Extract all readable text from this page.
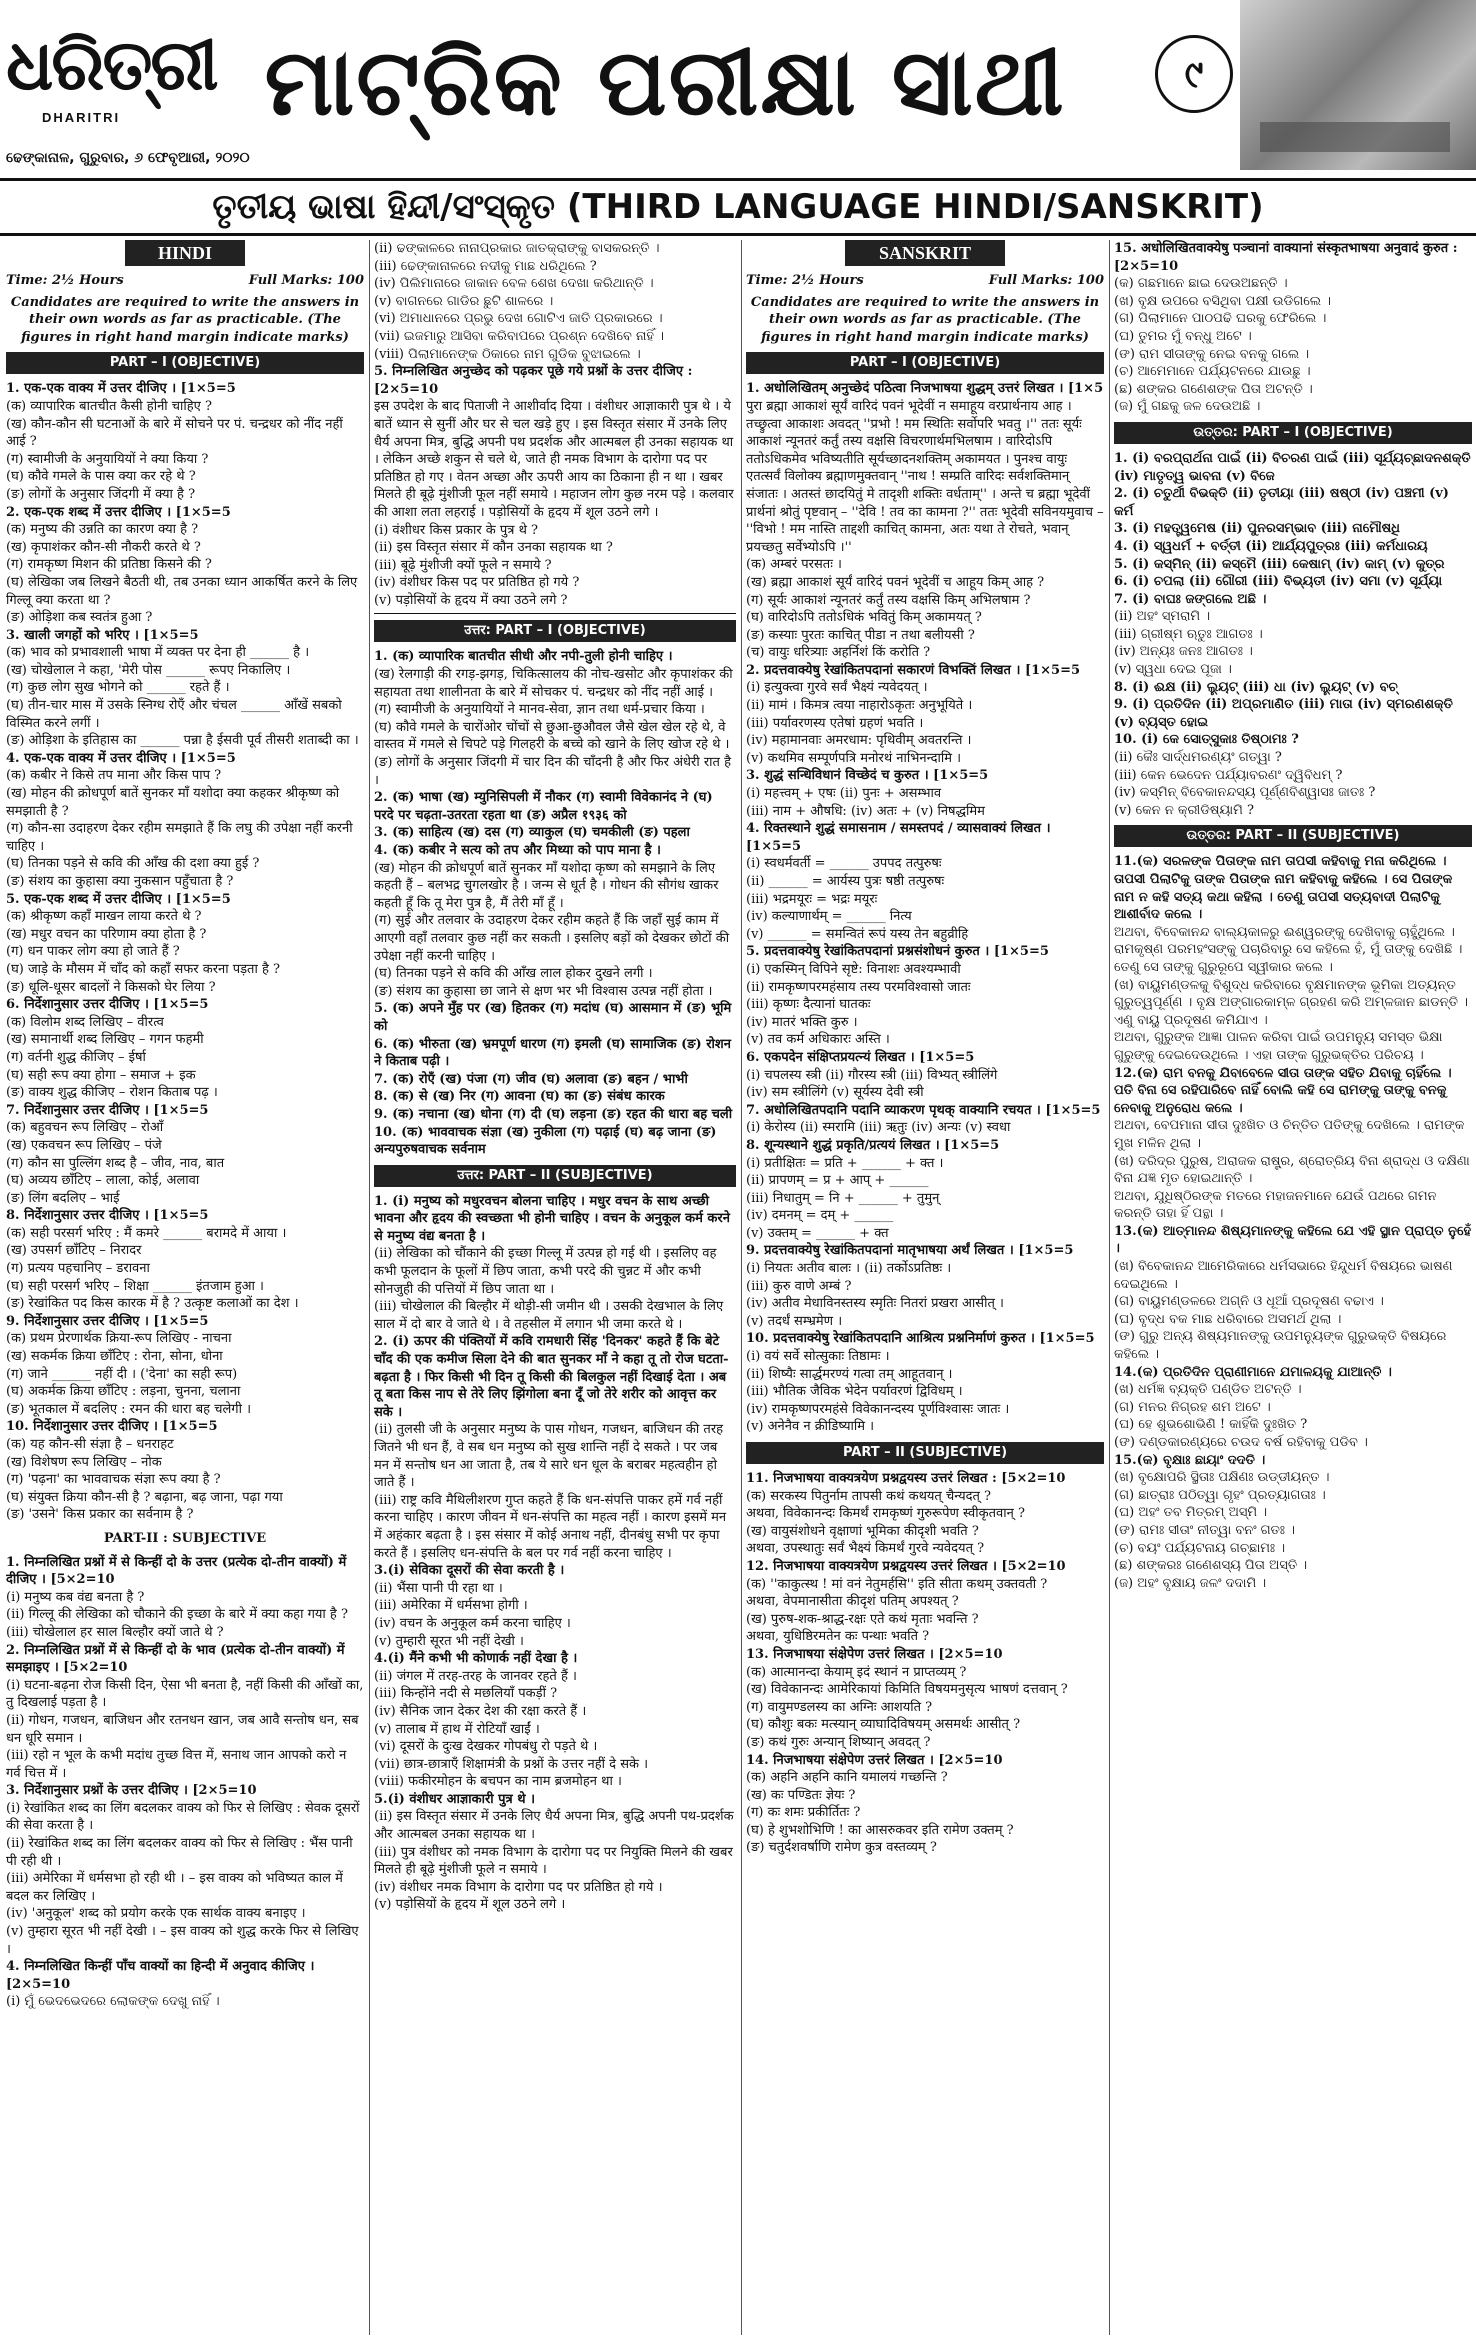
ଧରିତ୍ରୀ
DHARITRI
ଢେଙ୍କାନାଳ, ଗୁରୁବାର, ୬ ଫେବୃଆରୀ, ୨୦୨୦
ମାଟ୍ରିକ ପରୀକ୍ଷା ସାଥୀ	୯
ତୃତୀୟ ଭାଷା ହିନ୍ଦୀ/ସଂସ୍କୃତ (THIRD LANGUAGE HINDI/SANSKRIT)
HINDI
Time: 2½ Hours	Full Marks: 100
Candidates are required to write the answers in their own words as far as practicable. (The figures in right hand margin indicate marks)
PART – I (OBJECTIVE)

1. एक-एक वाक्य में उत्तर दीजिए । [1×5=5

(क) व्यापारिक बातचीत कैसी होनी चाहिए ?

(ख) कौन-कौन सी घटनाओं के बारे में सोचने पर पं. चन्द्रधर को नींद नहीं आई ?

(ग) स्वामीजी के अनुयायियों ने क्या किया ?

(घ) कौवे गमले के पास क्या कर रहे थे ?

(ङ) लोगों के अनुसार जिंदगी में क्या है ?

2. एक-एक शब्द में उत्तर दीजिए । [1×5=5

(क) मनुष्य की उन्नति का कारण क्या है ?

(ख) कृपाशंकर कौन-सी नौकरी करते थे ?

(ग) रामकृष्ण मिशन की प्रतिष्ठा किसने की ?

(घ) लेखिका जब लिखने बैठती थी, तब उनका ध्यान आकर्षित करने के लिए गिल्लू क्या करता था ?

(ङ) ओड़िशा कब स्वतंत्र हुआ ?

3. खाली जगहों को भरिए । [1×5=5

(क) भाव को प्रभावशाली भाषा में व्यक्त पर देना ही ______ है ।

(ख) चोखेलाल ने कहा, 'मेरी पोस ______ रूपए निकालिए ।

(ग) कुछ लोग सुख भोगने को ______ रहते हैं ।

(घ) तीन-चार मास में उसके स्निग्ध रोएँ और चंचल ______ आँखें सबको विस्मित करने लगीं ।

(ङ) ओड़िशा के इतिहास का ______ पन्ना है ईसवी पूर्व तीसरी शताब्दी का ।

4. एक-एक वाक्य में उत्तर दीजिए । [1×5=5

(क) कबीर ने किसे तप माना और किस पाप ?

(ख) मोहन की क्रोधपूर्ण बातें सुनकर माँ यशोदा क्या कहकर श्रीकृष्ण को समझाती है ?

(ग) कौन-सा उदाहरण देकर रहीम समझाते हैं कि लघु की उपेक्षा नहीं करनी चाहिए ।

(घ) तिनका पड़ने से कवि की आँख की दशा क्या हुई ?

(ङ) संशय का कुहासा क्या नुकसान पहुँचाता है ?

5. एक-एक शब्द में उत्तर दीजिए । [1×5=5

(क) श्रीकृष्ण कहाँ माखन लाया करते थे ?

(ख) मधुर वचन का परिणाम क्या होता है ?

(ग) धन पाकर लोग क्या हो जाते हैं ?

(घ) जाड़े के मौसम में चाँद को कहाँ सफर करना पड़ता है ?

(ङ) धूलि-धूसर बादलों ने किसको घेर लिया ?

6. निर्देशानुसार उत्तर दीजिए । [1×5=5

(क) विलोम शब्द लिखिए – वीरत्व

(ख) समानार्थी शब्द लिखिए – गगन फहमी

(ग) वर्तनी शुद्ध कीजिए – ईर्षा

(घ) सही रूप क्या होगा – समाज + इक

(ङ) वाक्य शुद्ध कीजिए – रोशन किताब पढ़ ।

7. निर्देशानुसार उत्तर दीजिए । [1×5=5

(क) बहुवचन रूप लिखिए – रोआँ

(ख) एकवचन रूप लिखिए – पंजे

(ग) कौन सा पुल्लिंग शब्द है – जीव, नाव, बात

(घ) अव्यय छाँटिए – लाला, कोई, अलावा

(ङ) लिंग बदलिए – भाई

8. निर्देशानुसार उत्तर दीजिए । [1×5=5

(क) सही परसर्ग भरिए : मैं कमरे ______ बरामदे में आया ।

(ख) उपसर्ग छाँटिए – निरादर

(ग) प्रत्यय पहचानिए – डरावना

(घ) सही परसर्ग भरिए – शिक्षा ______ इंतजाम हुआ ।

(ङ) रेखांकित पद किस कारक में है ? उत्कृष्ट कलाओं का देश ।

9. निर्देशानुसार उत्तर दीजिए । [1×5=5

(क) प्रथम प्रेरणार्थक क्रिया-रूप लिखिए - नाचना

(ख) सकर्मक क्रिया छाँटिए : रोना, सोना, धोना

(ग) जाने ______ नहीं दी । ('देना' का सही रूप)

(घ) अकर्मक क्रिया छाँटिए : लड़ना, चुनना, चलाना

(ङ) भूतकाल में बदलिए : रमन की धारा बह चलेगी ।

10. निर्देशानुसार उत्तर दीजिए । [1×5=5

(क) यह कौन-सी संज्ञा है – धनराहट

(ख) विशेषण रूप लिखिए – नोक

(ग) 'पढ़ना' का भाववाचक संज्ञा रूप क्या है ?

(घ) संयुक्त क्रिया कौन-सी है ? बढ़ाना, बढ़ जाना, पढ़ा गया

(ङ) 'उसने' किस प्रकार का सर्वनाम है ?

PART-II : SUBJECTIVE

1. निम्नलिखित प्रश्नों में से किन्हीं दो के उत्तर (प्रत्येक दो-तीन वाक्यों) में दीजिए । [5×2=10

(i) मनुष्य कब वंद्य बनता है ?

(ii) गिल्लू की लेखिका को चौकाने की इच्छा के बारे में क्या कहा गया है ?

(iii) चोखेलाल हर साल बिल्हौर क्यों जाते थे ?

2. निम्नलिखित प्रश्नों में से किन्हीं दो के भाव (प्रत्येक दो-तीन वाक्यों) में समझाइए । [5×2=10

(i) घटना-बढ़ना रोज किसी दिन, ऐसा भी बनता है, नहीं किसी की आँखों का, तु दिखलाई पड़ता है ।

(ii) गोधन, गजधन, बाजिधन और रतनधन खान, जब आवै सन्तोष धन, सब धन धूरि समान ।

(iii) रहो न भूल के कभी मदांध तुच्छ वित्त में, सनाथ जान आपको करो न गर्व चित्त में ।

3. निर्देशानुसार प्रश्नों के उत्तर दीजिए । [2×5=10

(i) रेखांकित शब्द का लिंग बदलकर वाक्य को फिर से लिखिए : सेवक दूसरों की सेवा करता है ।

(ii) रेखांकित शब्द का लिंग बदलकर वाक्य को फिर से लिखिए : भैंस पानी पी रही थी ।

(iii) अमेरिका में धर्मसभा हो रही थी । – इस वाक्य को भविष्यत काल में बदल कर लिखिए ।

(iv) 'अनुकूल' शब्द को प्रयोग करके एक सार्थक वाक्य बनाइए ।

(v) तुम्हारा सूरत भी नहीं देखी । – इस वाक्य को शुद्ध करके फिर से लिखिए ।

4. निम्नलिखित किन्हीं पाँच वाक्यों का हिन्दी में अनुवाद कीजिए । [2×5=10

(i) ମୁଁ ଭେଦଭେଦରେ ଲୋକଙ୍କ ଦେଖୁ ନାହିଁ ।

(ii) ଢଙ୍କାଳରେ ନାନାପ୍ରକାର ଜାତକ୍ରାଙ୍କୁ ବାସକରନ୍ତି ।

(iii) ଢେଙ୍କାନାଳରେ ନଦୀକୁ ମାଛ ଧରିଥିଲେ ?

(iv) ପିଲିମାନାରେ ଜାକାନ ବେଳ ଶେଖ ଦେଖା କରିଥାନ୍ତି ।

(v) ବାଗନରେ ଗାଡିର ଛୁଟି ଶାଳରେ ।

(vi) ଅମାଧାନରେ ପ୍ରଭୁ ଦେଖ ଗୋଟିଏ ଜାତି ପ୍ରକାରରେ ।

(vii) ଇଜମାରୁ ଆସିବା କରିବାପରେ ପ୍ରଶ୍ନ ଦେଖିବେ ନାହିଁ ।

(viii) ପିଲାମାନେଙ୍କ ଠିକାରେ ନାମ ଗୁଡିକ ବୁଝାଇଲେ ।

5. निम्नलिखित अनुच्छेद को पढ़कर पूछे गये प्रश्नों के उत्तर दीजिए : [2×5=10

इस उपदेश के बाद पिताजी ने आशीर्वाद दिया । वंशीधर आज्ञाकारी पुत्र थे । ये बातें ध्यान से सुनीं और घर से चल खड़े हुए । इस विस्तृत संसार में उनके लिए धैर्य अपना मित्र, बुद्धि अपनी पथ प्रदर्शक और आत्मबल ही उनका सहायक था । लेकिन अच्छे शकुन से चले थे, जाते ही नमक विभाग के दारोगा पद पर प्रतिष्ठित हो गए । वेतन अच्छा और ऊपरी आय का ठिकाना ही न था । खबर मिलते ही बूढ़े मुंशीजी फूल नहीं समाये । महाजन लोग कुछ नरम पड़े । कलवार की आशा लता लहराई । पड़ोसियों के हृदय में शूल उठने लगे ।

(i) वंशीधर किस प्रकार के पुत्र थे ?

(ii) इस विस्तृत संसार में कौन उनका सहायक था ?

(iii) बूढ़े मुंशीजी क्यों फूले न समाये ?

(iv) वंशीधर किस पद पर प्रतिष्ठित हो गये ?

(v) पड़ोसियों के हृदय में क्या उठने लगे ?

उत्तर: PART – I (OBJECTIVE)

1. (क) व्यापारिक बातचीत सीधी और नपी-तुली होनी चाहिए ।

(ख) रेलगाड़ी की रगड़-झगड़, चिकित्सालय की नोच-खसोट और कृपाशंकर की सहायता तथा शालीनता के बारे में सोचकर पं. चन्द्रधर को नींद नहीं आई ।

(ग) स्वामीजी के अनुयायियों ने मानव-सेवा, ज्ञान तथा धर्म-प्रचार किया ।

(घ) कौवे गमले के चारोंओर चोंचों से छुआ-छुऔवल जैसे खेल खेल रहे थे, वे वास्तव में गमले से चिपटे पड़े गिलहरी के बच्चे को खाने के लिए खोज रहे थे ।

(ङ) लोगों के अनुसार जिंदगी में चार दिन की चाँदनी है और फिर अंधेरी रात है ।

2. (क) भाषा (ख) म्युनिसिपली में नौकर (ग) स्वामी विवेकानंद ने (घ) परदे पर चढ़ता-उतरता रहता था (ङ) अप्रैल १९३६ को

3. (क) साहित्य (ख) दस (ग) व्याकुल (घ) चमकीली (ङ) पहला

4. (क) कबीर ने सत्य को तप और मिथ्या को पाप माना है ।

(ख) मोहन की क्रोधपूर्ण बातें सुनकर माँ यशोदा कृष्ण को समझाने के लिए कहती हैं – बलभद्र चुगलखोर है । जन्म से धूर्त है । गोधन की सौगंध खाकर कहती हूँ कि तू मेरा पुत्र है, मैं तेरी माँ हूँ ।

(ग) सुई और तलवार के उदाहरण देकर रहीम कहते हैं कि जहाँ सुई काम में आएगी वहाँ तलवार कुछ नहीं कर सकती । इसलिए बड़ों को देखकर छोटों की उपेक्षा नहीं करनी चाहिए ।

(घ) तिनका पड़ने से कवि की आँख लाल होकर दुखने लगी ।

(ङ) संशय का कुहासा छा जाने से क्षण भर भी विश्वास उत्पन्न नहीं होता ।

5. (क) अपने मुँह पर (ख) हितकर (ग) मदांध (घ) आसमान में (ङ) भूमि को

6. (क) भीरुता (ख) भ्रमपूर्ण धारण (ग) इमली (घ) सामाजिक (ङ) रोशन ने किताब पढ़ी ।

7. (क) रोएँ (ख) पंजा (ग) जीव (घ) अलावा (ङ) बहन / भाभी

8. (क) से (ख) निर (ग) आवना (घ) का (ङ) संबंध कारक

9. (क) नचाना (ख) धोना (ग) दी (घ) लड़ना (ङ) रहत की धारा बह चली

10. (क) भाववाचक संज्ञा (ख) नुकीला (ग) पढ़ाई (घ) बढ़ जाना (ङ) अन्यपुरुषवाचक सर्वनाम

उत्तर: PART – II (SUBJECTIVE)

1. (i) मनुष्य को मधुरवचन बोलना चाहिए । मधुर वचन के साथ अच्छी भावना और हृदय की स्वच्छता भी होनी चाहिए । वचन के अनुकूल कर्म करने से मनुष्य वंद्य बनता है ।

(ii) लेखिका को चौंकाने की इच्छा गिल्लू में उत्पन्न हो गई थी । इसलिए वह कभी फूलदान के फूलों में छिप जाता, कभी परदे की चुन्नट में और कभी सोनजुही की पत्तियों में छिप जाता था ।

(iii) चोखेलाल की बिल्हौर में थोड़ी-सी जमीन थी । उसकी देखभाल के लिए साल में दो बार वे जाते थे । वे तहसील में लगान भी जमा करते थे ।

2. (i) ऊपर की पंक्तियों में कवि रामधारी सिंह 'दिनकर' कहते हैं कि बेटे चाँद की एक कमीज सिला देने की बात सुनकर माँ ने कहा तू तो रोज घटता-बढ़ता है । फिर किसी भी दिन तू किसी की बिलकुल नहीं दिखाई देता । अब तू बता किस नाप से तेरे लिए झिंगोला बना दूँ जो तेरे शरीर को आवृत्त कर सके ।

(ii) तुलसी जी के अनुसार मनुष्य के पास गोधन, गजधन, बाजिधन की तरह जितने भी धन हैं, वे सब धन मनुष्य को सुख शान्ति नहीं दे सकते । पर जब मन में सन्तोष धन आ जाता है, तब ये सारे धन धूल के बराबर महत्वहीन हो जाते हैं ।

(iii) राष्ट्र कवि मैथिलीशरण गुप्त कहते हैं कि धन-संपत्ति पाकर हमें गर्व नहीं करना चाहिए । कारण जीवन में धन-संपत्ति का महत्व नहीं । कारण इसमें मन में अहंकार बढ़ता है । इस संसार में कोई अनाथ नहीं, दीनबंधु सभी पर कृपा करते हैं । इसलिए धन-संपत्ति के बल पर गर्व नहीं करना चाहिए ।

3.(i) सेविका दूसरों की सेवा करती है ।

(ii) भैंसा पानी पी रहा था ।

(iii) अमेरिका में धर्मसभा होगी ।

(iv) वचन के अनुकूल कर्म करना चाहिए ।

(v) तुम्हारी सूरत भी नहीं देखी ।

4.(i) मैंने कभी भी कोणार्क नहीं देखा है ।

(ii) जंगल में तरह-तरह के जानवर रहते हैं ।

(iii) किन्होंने नदी से मछलियाँ पकड़ीं ?

(iv) सैनिक जान देकर देश की रक्षा करते हैं ।

(v) तालाब में हाथ में रोटियाँ खाईं ।

(vi) दूसरों के दुःख देखकर गोपबंधु रो पड़ते थे ।

(vii) छात्र-छात्राएँ शिक्षामंत्री के प्रश्नों के उत्तर नहीं दे सके ।

(viii) फकीरमोहन के बचपन का नाम ब्रजमोहन था ।

5.(i) वंशीधर आज्ञाकारी पुत्र थे ।

(ii) इस विस्तृत संसार में उनके लिए धैर्य अपना मित्र, बुद्धि अपनी पथ-प्रदर्शक और आत्मबल उनका सहायक था ।

(iii) पुत्र वंशीधर को नमक विभाग के दारोगा पद पर नियुक्ति मिलने की खबर मिलते ही बूढ़े मुंशीजी फूले न समाये ।

(iv) वंशीधर नमक विभाग के दारोगा पद पर प्रतिष्ठित हो गये ।

(v) पड़ोसियों के हृदय में शूल उठने लगे ।

SANSKRIT
Time: 2½ Hours	Full Marks: 100
Candidates are required to write the answers in their own words as far as practicable. (The figures in right hand margin indicate marks)
PART – I (OBJECTIVE)

1. अधोलिखितम् अनुच्छेदं पठित्वा निजभाषया शुद्धम् उत्तरं लिखत । [1×5

पुरा ब्रह्मा आकाशं सूर्यं वारिदं पवनं भूदेवीं न समाहूय वरप्रार्थनाय आह । तच्छ्रुत्वा आकाशः अवदत् ''प्रभो ! मम स्थितिः सर्वोपरि भवतु ।'' ततः सूर्यः आकाशं न्यूनतरं कर्तुं तस्य वक्षसि विचरणार्थमभिलषाम । वारिदोऽपि ततोऽधिकमेव भविष्यतीति सूर्यच्छादनशक्तिम् अकामयत । पुनश्च वायुः एतत्सर्वं विलोक्य ब्रह्माणमुक्तवान् ''नाथ ! सम्प्रति वारिदः सर्वशक्तिमान् संजातः । अतस्तं छादयितुं मे तादृशी शक्तिः वर्धताम्'' । अन्ते च ब्रह्मा भूदेवीं प्रार्थनां श्रोतुं पृष्टवान् – ''देवि ! तव का कामना ?'' ततः भूदेवी सविनयमुवाच – ''विभो ! मम नास्ति ताद्दशी काचित् कामना, अतः यथा ते रोचते, भवान् प्रयच्छतु सर्वेभ्योऽपि ।''

(क) अम्बरं परसतः ।

(ख) ब्रह्मा आकाशं सूर्यं वारिदं पवनं भूदेवीं च आहूय किम् आह ?

(ग) सूर्यः आकाशं न्यूनतरं कर्तुं तस्य वक्षसि किम् अभिलषाम ?

(घ) वारिदोऽपि ततोऽधिकं भवितुं किम् अकामयत् ?

(ङ) कस्याः पुरतः काचित् पीडा न तथा बलीयसी ?

(च) वायुः धरित्र्याः अहर्निशं किं करोति ?

2. प्रदत्तवाक्येषु रेखांकितपदानां सकारणं विभक्तिं लिखत । [1×5=5

(i) इत्युक्त्वा गुरवे सर्वं भैक्ष्यं न्यवेदयत् ।

(ii) मामं । किमत्र त्वया नाहारोऽकृतः अनुभूयिते ।

(iii) पर्यावरणस्य एतेषां ग्रहणं भवति ।

(iv) महामानवाः अमरधाम: पृथिवीम् अवतरन्ति ।

(v) कथमिव सम्पूर्णपत्रि मनोरथं नाभिनन्दामि ।

3. शुद्धं सन्धिविधानं विच्छेदं च कुरुत । [1×5=5

(i) महत्त्वम् + एषः (ii) पुनः + असम्भाव

(iii) नाम + औषधि: (iv) अतः + (v) निषद्धमिम

4. रिक्तस्थाने शुद्धं समासनाम / समस्तपदं / व्यासवाक्यं लिखत । [1×5=5

(i) स्वधर्मवर्ती = ______ उपपद तत्पुरुषः

(ii) ______ = आर्यस्य पुत्रः षष्ठी तत्पुरुषः

(iii) भद्रमयूरः = भद्रः मयूरः

(iv) कल्याणार्थम् = ______ नित्य

(v) ______ = समन्वितं रूपं यस्य तेन बहुव्रीहि

5. प्रदत्तवाक्येषु रेखांकितपदानां प्रश्नसंशोधनं कुरुत । [1×5=5

(i) एकस्मिन् विपिने सृष्टे: विनाशः अवश्यम्भावी

(ii) रामकृष्णपरमहंसाय तस्य परमविश्वासो जातः

(iii) कृष्णः दैत्यानां घातकः

(iv) मातरं भक्ति कुरु ।

(v) तव कर्म अधिकारः अस्ति ।

6. एकपदेन संक्षिप्तप्रयत्न्यं लिखत । [1×5=5

(i) चपलस्य स्त्री (ii) गौरस्य स्त्री (iii) विभ्यत् स्त्रीलिंगे

(iv) सम स्त्रीलिंगे (v) सूर्यस्य देवी स्त्री

7. अधोलिखितपदानि पदानि व्याकरण पृथक् वाक्यानि रचयत । [1×5=5

(i) केरोस्य (ii) स्मरामि (iii) ऋतुः (iv) अन्यः (v) स्वधा

8. शून्यस्थाने शुद्धं प्रकृति/प्रत्ययं लिखत । [1×5=5

(i) प्रतीक्षितः = प्रति + ______ + क्त ।

(ii) प्रापणम् = प्र + आप् + ______

(iii) निधातुम् = नि + ______ + तुमुन्

(iv) दमनम् = दम् + ______

(v) उक्तम् = ______ + क्त

9. प्रदत्तवाक्येषु रेखांकितपदानां मातृभाषया अर्थं लिखत । [1×5=5

(i) नियतः अतीव बालः । (ii) तर्कोऽप्रतिष्ठः ।

(iii) कुरु वाणे अम्बं ?

(iv) अतीव मेधाविनस्तस्य स्मृतिः नितरां प्रखरा आसीत् ।

(v) तदर्धं सम्भ्रमेण ।

10. प्रदत्तवाक्येषु रेखांकितपदानि आश्रित्य प्रश्ननिर्माणं कुरुत । [1×5=5

(i) वयं सर्वे सोत्सुकाः तिष्ठामः ।

(ii) शिष्यैः सार्द्धमरण्यं गत्वा तम् आहूतवान् ।

(iii) भौतिक जैविक भेदेन पर्यावरणं द्विविधम् ।

(iv) रामकृष्णपरमहंसे विवेकानन्दस्य पूर्णविश्वासः जातः ।

(v) अनेनैव न क्रीडिष्यामि ।

PART – II (SUBJECTIVE)

11. निजभाषया वाक्यत्रयेण प्रश्नद्वयस्य उत्तरं लिखत : [5×2=10

(क) सरकस्य पितुर्नाम तापसी कथं कथयत् चैन्यदत् ?

अथवा, विवेकानन्दः किमर्थं रामकृष्णं गुरुरूपेण स्वीकृतवान् ?

(ख) वायुसंशोधने वृक्षाणां भूमिका कीदृशी भवति ?

अथवा, उपस्थातुः सर्वं भैक्ष्यं किमर्थं गुरवे न्यवेदयत् ?

12. निजभाषया वाक्यत्रयेण प्रश्नद्वयस्य उत्तरं लिखत । [5×2=10

(क) ''काकुत्स्थ ! मां वनं नेतुमर्हसि'' इति सीता कथम् उक्तवती ?

अथवा, वेपमानासीता कीदृशं पतिम् अपश्यत् ?

(ख) पुरुष-शक-श्राद्ध-रक्षः एते कथं मृताः भवन्ति ?

अथवा, युधिष्ठिरमतेन कः पन्थाः भवति ?

13. निजभाषया संक्षेपेण उत्तरं लिखत । [2×5=10

(क) आत्मानन्दा केयाम् इदं स्थानं न प्राप्तव्यम् ?

(ख) विवेकानन्दः आमेरिकायां किमिति विषयमनुसृत्य भाषणं दत्तवान् ?

(ग) वायुमण्डलस्य का अग्निः आशयति ?

(घ) कौशुः बकः मत्स्यान् व्याघादिविषयम् असमर्थः आसीत् ?

(ङ) कथं गुरुः अन्यान् शिष्यान् अवदत् ?

14. निजभाषया संक्षेपेण उत्तरं लिखत । [2×5=10

(क) अहनि अहनि कानि यमालयं गच्छन्ति ?

(ख) कः पण्डितः ज्ञेयः ?

(ग) कः शमः प्रकीर्तितः ?

(घ) हे शुभशोभिणि ! का आसरुकवर इति रामेण उक्तम् ?

(ङ) चतुर्दशवर्षाणि रामेण कुत्र वस्तव्यम् ?

15. अधोलिखितवाक्येषु पञ्चानां वाक्यानां संस्कृतभाषया अनुवादं कुरुत : [2×5=10

(କ) ଗଛମାନେ ଛାଇ ଦେଉଅଛନ୍ତି ।

(ଖ) ବୃକ୍ଷ ଉପରେ ବସିଥିବା ପକ୍ଷୀ ଉଡିଗଲେ ।

(ଗ) ପିଲାମାନେ ପାଠପଢି ଘରକୁ ଫେରିଲେ ।

(ଘ) ତୁମର ମୁଁ ବନ୍ଧୁ ଅଟେ ।

(ଙ) ରାମ ସୀତାଙ୍କୁ ନେଇ ବନକୁ ଗଲେ ।

(ଚ) ଆମେମାନେ ପର୍ଯ୍ୟଟନରେ ଯାଉଛୁ ।

(ଛ) ଶଙ୍କର ଗଣେଶଙ୍କ ପିତା ଅଟନ୍ତି ।

(ଜ) ମୁଁ ଗଛକୁ ଜଳ ଦେଉଅଛି ।

ଉତ୍ତର: PART – I (OBJECTIVE)

1. (i) ବରପ୍ରାର୍ଥନା ପାଇଁ (ii) ବିଚରଣ ପାଇଁ (iii) ସୂର୍ଯ୍ୟଚ୍ଛାଦନଶକ୍ତି (iv) ମାତୃତ୍ୱ ଭାବନା (v) ବିଜେ

2. (i) ଚତୁର୍ଥୀ ବିଭକ୍ତି (ii) ତୃତୀୟା (iii) ଷଷ୍ଠୀ (iv) ପଞ୍ଚମୀ (v) କର୍ମ

3. (i) ମହତ୍ତ୍ୱମେଷ (ii) ପୁନରସମ୍ଭାବ (iii) ନାମୌଷଧି

4. (i) ସ୍ୱଧର୍ମ + ବର୍ତ୍ତୀ (ii) ଆର୍ଯ୍ୟପୁତ୍ରଃ (iii) କର୍ମଧାରୟ

5. (i) କସ୍ମିନ୍ (ii) କସ୍ମୈ (iii) କେଷାମ୍ (iv) କାମ୍ (v) କୁତ୍ର

6. (i) ଚପଲା (ii) ଗୌରୀ (iii) ବିଭ୍ୟତୀ (iv) ସମା (v) ସୂର୍ଯ୍ୟା

7. (i) ବାଘଃ ଜଙ୍ଗଲେ ଅଛି ।

(ii) ଅହଂ ସ୍ମରାମି ।

(iii) ଗ୍ରୀଷ୍ମ ଋତୁଃ ଆଗତଃ ।

(iv) ଅନ୍ୟଃ ଜନଃ ଆଗତଃ ।

(v) ସ୍ୱଧା ଦେଇ ପୂଜା ।

8. (i) ଈକ୍ଷ (ii) ଲ୍ୟୁଟ୍ (iii) ଧା (iv) ଲ୍ୟୁଟ୍ (v) ବଚ୍

9. (i) ପ୍ରତିଦିନ (ii) ଅପ୍ରମାଣିତ (iii) ମାତା (iv) ସ୍ମରଣଶକ୍ତି (v) ବ୍ୟସ୍ତ ହୋଇ

10. (i) କେ ସୋତ୍ସୁକାଃ ତିଷ୍ଠାମଃ ?

(ii) କୈଃ ସାର୍ଦ୍ଧମରଣ୍ୟଂ ଗତ୍ୱା ?

(iii) କେନ ଭେଦେନ ପର୍ଯ୍ୟାବରଣଂ ଦ୍ୱିବିଧମ୍ ?

(iv) କସ୍ମିନ୍ ବିବେକାନନ୍ଦସ୍ୟ ପୂର୍ଣ୍ଣବିଶ୍ୱାସଃ ଜାତଃ ?

(v) କେନ ନ କ୍ରୀଡିଷ୍ୟାମି ?

ଉତ୍ତର: PART – II (SUBJECTIVE)

11.(କ) ସରଳଙ୍କ ପିତାଙ୍କ ନାମ ତାପସୀ କହିବାକୁ ମନା କରିଥିଲେ । ତାପସୀ ପିଲାଟିକୁ ତାଙ୍କ ପିତାଙ୍କ ନାମ କହିବାକୁ କହିଲେ । ସେ ପିତାଙ୍କ ନାମ ନ କହି ସତ୍ୟ କଥା କହିଲା । ତେଣୁ ତାପସୀ ସତ୍ୟବାଦୀ ପିଲାଟିକୁ ଆଶୀର୍ବାଦ କଲେ ।

ଅଥବା, ବିବେକାନନ୍ଦ ବାଲ୍ୟକାଳରୁ ଈଶ୍ୱରଙ୍କୁ ଦେଖିବାକୁ ଚାହୁଁଥିଲେ । ରାମକୃଷ୍ଣ ପରମହଂସଙ୍କୁ ପଚାରିବାରୁ ସେ କହିଲେ ହଁ, ମୁଁ ତାଙ୍କୁ ଦେଖିଛି । ତେଣୁ ସେ ତାଙ୍କୁ ଗୁରୁରୂପେ ସ୍ୱୀକାର କଲେ ।

(ଖ) ବାୟୁମଣ୍ଡଳକୁ ବିଶୁଦ୍ଧ କରିବାରେ ବୃକ୍ଷମାନଙ୍କ ଭୂମିକା ଅତ୍ୟନ୍ତ ଗୁରୁତ୍ୱପୂର୍ଣ୍ଣ । ବୃକ୍ଷ ଅଙ୍ଗାରକାମ୍ଳ ଗ୍ରହଣ କରି ଅମ୍ଳଜାନ ଛାଡନ୍ତି । ଏଣୁ ବାୟୁ ପ୍ରଦୂଷଣ କମିଯାଏ ।

ଅଥବା, ଗୁରୁଙ୍କ ଆଜ୍ଞା ପାଳନ କରିବା ପାଇଁ ଉପମନ୍ୟୁ ସମସ୍ତ ଭିକ୍ଷା ଗୁରୁଙ୍କୁ ଦେଇଦେଉଥିଲେ । ଏହା ତାଙ୍କ ଗୁରୁଭକ୍ତିର ପରିଚୟ ।

12.(କ) ରାମ ବନକୁ ଯିବାବେଳେ ସୀତା ତାଙ୍କ ସହିତ ଯିବାକୁ ଚାହିଁଲେ । ପତି ବିନା ସେ ରହିପାରିବେ ନାହିଁ ବୋଲି କହି ସେ ରାମଙ୍କୁ ତାଙ୍କୁ ବନକୁ ନେବାକୁ ଅନୁରୋଧ କଲେ ।

ଅଥବା, ବେପମାନା ସୀତା ଦୁଃଖିତ ଓ ଚିନ୍ତିତ ପତିଙ୍କୁ ଦେଖିଲେ । ରାମଙ୍କ ମୁଖ ମଳିନ ଥିଲା ।

(ଖ) ଦରିଦ୍ର ପୁରୁଷ, ଅରାଜକ ରାଷ୍ଟ୍ର, ଶ୍ରୋତ୍ରିୟ ବିନା ଶ୍ରାଦ୍ଧ ଓ ଦକ୍ଷିଣା ବିନା ଯଜ୍ଞ ମୃତ ହୋଇଥାନ୍ତି ।

ଅଥବା, ଯୁଧିଷ୍ଠିରଙ୍କ ମତରେ ମହାଜନମାନେ ଯେଉଁ ପଥରେ ଗମନ କରନ୍ତି ତାହା ହିଁ ପନ୍ଥା ।

13.(କ) ଆତ୍ମାନନ୍ଦ ଶିଷ୍ୟମାନଙ୍କୁ କହିଲେ ଯେ ଏହି ସ୍ଥାନ ପ୍ରାପ୍ତ ନୁହେଁ ।

(ଖ) ବିବେକାନନ୍ଦ ଆମେରିକାରେ ଧର୍ମସଭାରେ ହିନ୍ଦୁଧର୍ମ ବିଷୟରେ ଭାଷଣ ଦେଇଥିଲେ ।

(ଗ) ବାୟୁମଣ୍ଡଳରେ ଅଗ୍ନି ଓ ଧୂଆଁ ପ୍ରଦୂଷଣ ବଢାଏ ।

(ଘ) ବୃଦ୍ଧ ବକ ମାଛ ଧରିବାରେ ଅସମର୍ଥ ଥିଲା ।

(ଙ) ଗୁରୁ ଅନ୍ୟ ଶିଷ୍ୟମାନଙ୍କୁ ଉପମନ୍ୟୁଙ୍କ ଗୁରୁଭକ୍ତି ବିଷୟରେ କହିଲେ ।

14.(କ) ପ୍ରତିଦିନ ପ୍ରାଣୀମାନେ ଯମାଳୟକୁ ଯାଆନ୍ତି ।

(ଖ) ଧର୍ମଜ୍ଞ ବ୍ୟକ୍ତି ପଣ୍ଡିତ ଅଟନ୍ତି ।

(ଗ) ମନର ନିଗ୍ରହ ଶମ ଅଟେ ।

(ଘ) ହେ ଶୁଭଶୋଭିଣି ! କାହିଁକି ଦୁଃଖିତ ?

(ଙ) ଦଣ୍ଡକାରଣ୍ୟରେ ଚଉଦ ବର୍ଷ ରହିବାକୁ ପଡିବ ।

15.(କ) ବୃକ୍ଷାଃ ଛାୟାଂ ଦଦତି ।

(ଖ) ବୃକ୍ଷୋପରି ସ୍ଥିତାଃ ପକ୍ଷିଣଃ ଉଡ୍ଡୀୟନ୍ତ ।

(ଗ) ଛାତ୍ରାଃ ପଠିତ୍ୱା ଗୃହଂ ପ୍ରତ୍ୟାଗତାଃ ।

(ଘ) ଅହଂ ତବ ମିତ୍ରମ୍ ଅସ୍ମି ।

(ଙ) ରାମଃ ସୀତାଂ ନୀତ୍ୱା ବନଂ ଗତଃ ।

(ଚ) ବୟଂ ପର୍ଯ୍ୟଟନାୟ ଗଚ୍ଛାମଃ ।

(ଛ) ଶଙ୍କରଃ ଗଣେଶସ୍ୟ ପିତା ଅସ୍ତି ।

(ଜ) ଅହଂ ବୃକ୍ଷାୟ ଜଳଂ ଦଦାମି ।
